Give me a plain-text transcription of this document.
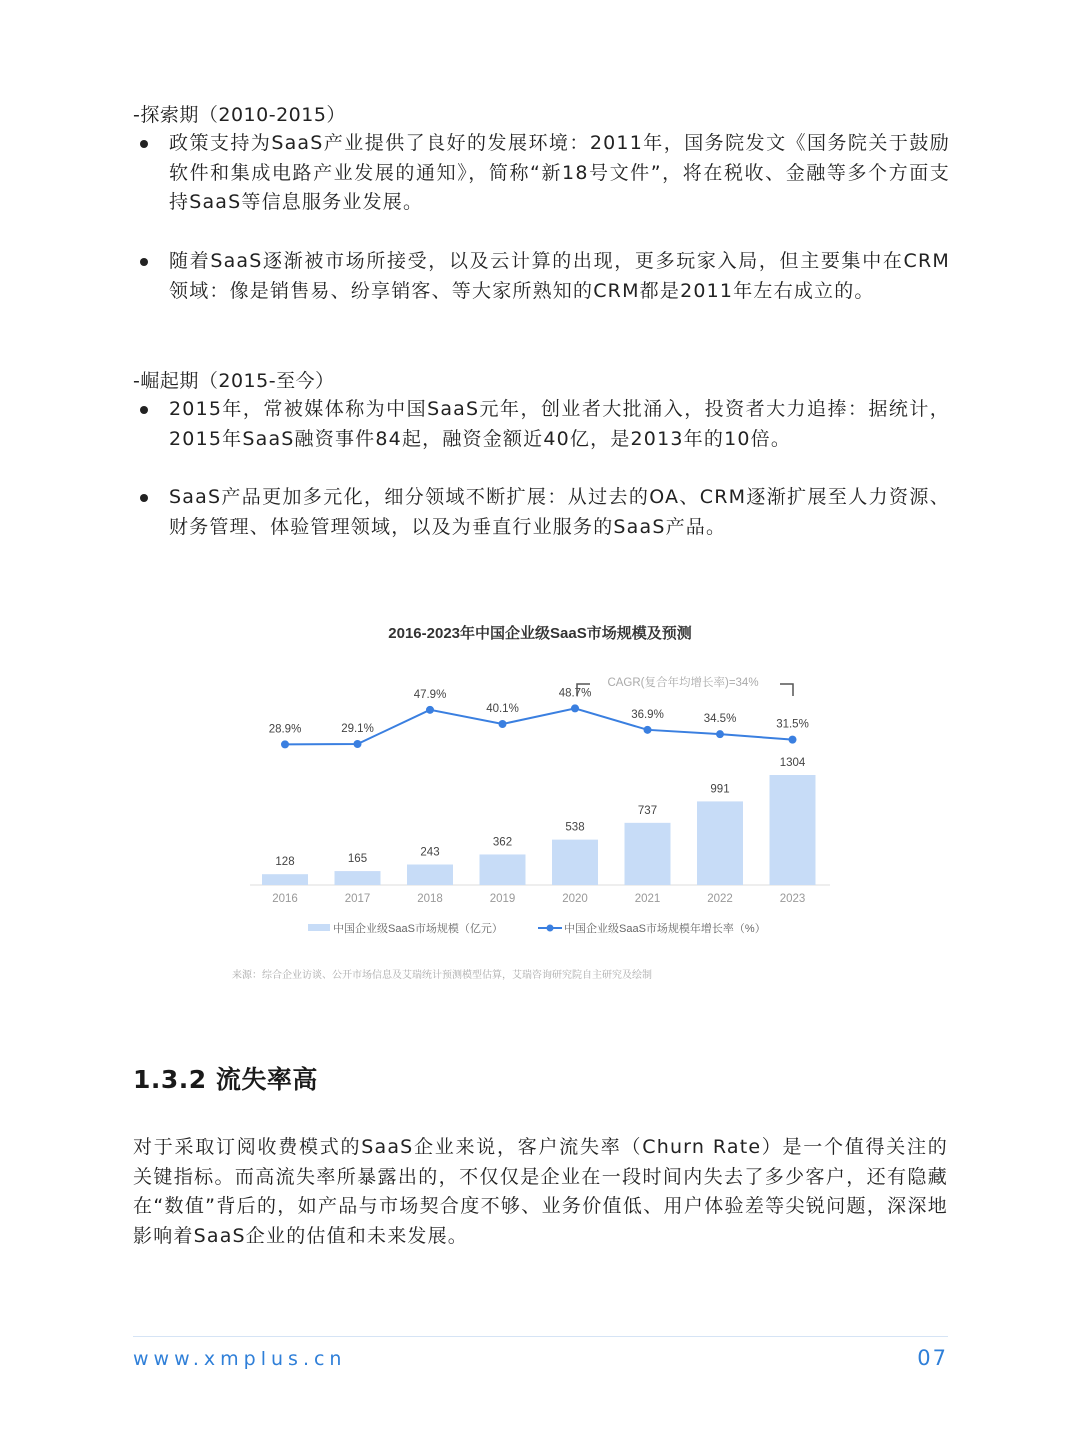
-探索期（2010-2015）
政策支持为SaaS产业提供了良好的发展环境：2011年，国务院发文《国务院关于鼓励软件和集成电路产业发展的通知》，简称“新18号文件”，将在税收、金融等多个方面支持SaaS等信息服务业发展。
随着SaaS逐渐被市场所接受，以及云计算的出现，更多玩家入局，但主要集中在CRM领域：像是销售易、纷享销客、等大家所熟知的CRM都是2011年左右成立的。
-崛起期（2015-至今）
2015年，常被媒体称为中国SaaS元年，创业者大批涌入，投资者大力追捧：据统计，2015年SaaS融资事件84起，融资金额近40亿，是2013年的10倍。
SaaS产品更加多元化，细分领域不断扩展：从过去的OA、CRM逐渐扩展至人力资源、财务管理、体验管理领域，以及为垂直行业服务的SaaS产品。
2016-2023年中国企业级SaaS市场规模及预测
128
2016
165
2017
243
2018
362
2019
538
2020
737
2021
991
2022
1304
2023
28.9%	29.1%
47.9%
40.1%
48.7%
36.9%	34.5%	31.5%
CAGR(复合年均增长率)=34%
中国企业级SaaS市场规模（亿元）	中国企业级SaaS市场规模年增长率（%）
来源：综合企业访谈、公开市场信息及艾瑞统计预测模型估算，艾瑞咨询研究院自主研究及绘制
1.3.2 流失率高
对于采取订阅收费模式的SaaS企业来说，客户流失率（Churn Rate）是一个值得关注的关键指标。而高流失率所暴露出的，不仅仅是企业在一段时间内失去了多少客户，还有隐藏在“数值”背后的，如产品与市场契合度不够、业务价值低、用户体验差等尖锐问题，深深地影响着SaaS企业的估值和未来发展。
www.xmplus.cn	07
